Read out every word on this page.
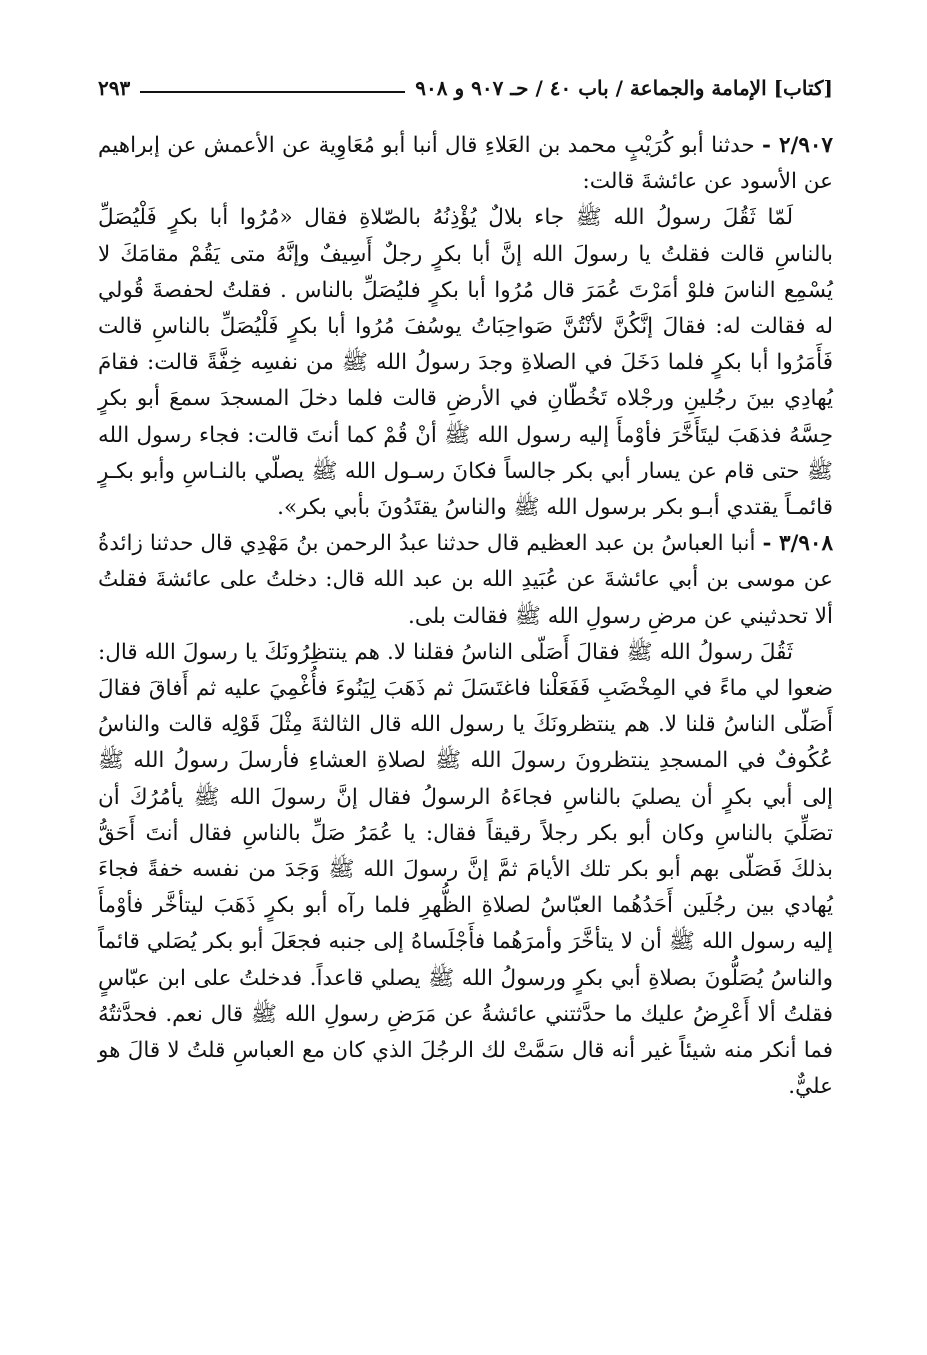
[كتاب] الإمامة والجماعة / باب ٤٠ / حـ ٩٠٧ و ٩٠٨
٢٩٣

٢/٩٠٧ - حدثنا أبو كُرَيْبٍ محمد بن العَلاءِ قال أنبا أبو مُعَاوِية عن الأعمش عن إبراهيم عن الأسود عن عائشةَ قالت:

لَمّا ثَقُلَ رسولُ الله ﷺ جاء بلالٌ يُؤْذِنُهُ بالصّلاةِ فقال «مُرُوا أبا بكرٍ فَلْيُصَلِّ بالناسِ قالت فقلتُ يا رسولَ الله إنَّ أبا بكرٍ رجلٌ أَسِيفٌ وإنَّهُ متى يَقُمْ مقامَكَ لا يُسْمِع الناسَ فلوْ أمَرْتَ عُمَرَ قال مُرُوا أبا بكرٍ فليُصَلِّ بالناس . فقلتُ لحفصةَ قُولي له فقالت له: فقالَ إنَّكُنَّ لأنْتُنَّ صَواحِبَاتُ يوسُفَ مُرُوا أبا بكرٍ فَلْيُصَلِّ بالناسِ قالت فَأَمَرُوا أبا بكرٍ فلما دَخَلَ في الصلاةِ وجدَ رسولُ الله ﷺ من نفسِه خِفَّةً قالت: فقامَ يُهادِي بينَ رجُلينِ ورجْلاه تَخُطّانِ في الأرضِ قالت فلما دخلَ المسجدَ سمعَ أبو بكرٍ حِسَّهُ فذهَبَ ليتَأَخَّرَ فأوْمأَ إليه رسول الله ﷺ أنْ قُمْ كما أنتَ قالت: فجاء رسول الله ﷺ حتى قام عن يسار أبي بكر جالساً فكانَ رسـول الله ﷺ يصلّي بالنـاسِ وأبو بكـرٍ قائمـاً يقتدي أبـو بكر برسول الله ﷺ والناسُ يقتَدُونَ بأبي بكر».

٣/٩٠٨ - أنبا العباسُ بن عبد العظيم قال حدثنا عبدُ الرحمن بنُ مَهْدِي قال حدثنا زائدةُ عن موسى بن أبي عائشةَ عن عُبَيدِ الله بن عبد الله قال: دخلتُ على عائشةَ فقلتُ ألا تحدثيني عن مرضِ رسولِ الله ﷺ فقالت بلى.

ثَقُلَ رسولُ الله ﷺ فقالَ أَصَلّى الناسُ فقلنا لا. هم ينتظِرُونَكَ يا رسولَ الله قال: ضعوا لي ماءً في المِخْضَبِ فَفَعَلْنا فاغتَسَلَ ثم ذَهَبَ لِيَنُوءَ فأُغْمِيَ عليه ثم أَفاقَ فقالَ أَصَلّى الناسُ قلنا لا. هم ينتظرونَكَ يا رسول الله قال الثالثةَ مِثْلَ قَوْلِه قالت والناسُ عُكُوفٌ في المسجدِ ينتظرونَ رسولَ الله ﷺ لصلاةِ العشاءِ فأرسلَ رسولُ الله ﷺ إلى أبي بكرٍ أن يصليَ بالناسِ فجاءَهُ الرسولُ فقال إنَّ رسولَ الله ﷺ يأمُرُكَ أن تصَلِّيَ بالناسِ وكان أبو بكر رجلاً رقيقاً فقال: يا عُمَرُ صَلِّ بالناسِ فقال أنتَ أَحَقُّ بذلكَ فَصَلّى بهم أبو بكر تلك الأيامَ ثمَّ إنَّ رسولَ الله ﷺ وَجَدَ من نفسه خفةً فجاءَ يُهادي بين رجُلَين أَحَدُهُما العبّاسُ لصلاةِ الظُّهرِ فلما رآه أبو بكرٍ ذَهَبَ ليتأخَّر فأوْمأَ إليه رسول الله ﷺ أن لا يتأخَّرَ وأمرَهُما فأَجْلَساهُ إلى جنبه فجعَلَ أبو بكر يُصَلي قائماً والناسُ يُصَلُّونَ بصلاةِ أبي بكرٍ ورسولُ الله ﷺ يصلي قاعداً. فدخلتُ على ابن عبّاسٍ فقلتُ ألا أَعْرِضُ عليك ما حدَّثتني عائشةُ عن مَرَضِ رسولِ الله ﷺ قال نعم. فحدَّثتُهُ فما أنكر منه شيئاً غير أنه قال سَمَّتْ لك الرجُلَ الذي كان مع العباسِ قلتُ لا قالَ هو عليٌّ.
